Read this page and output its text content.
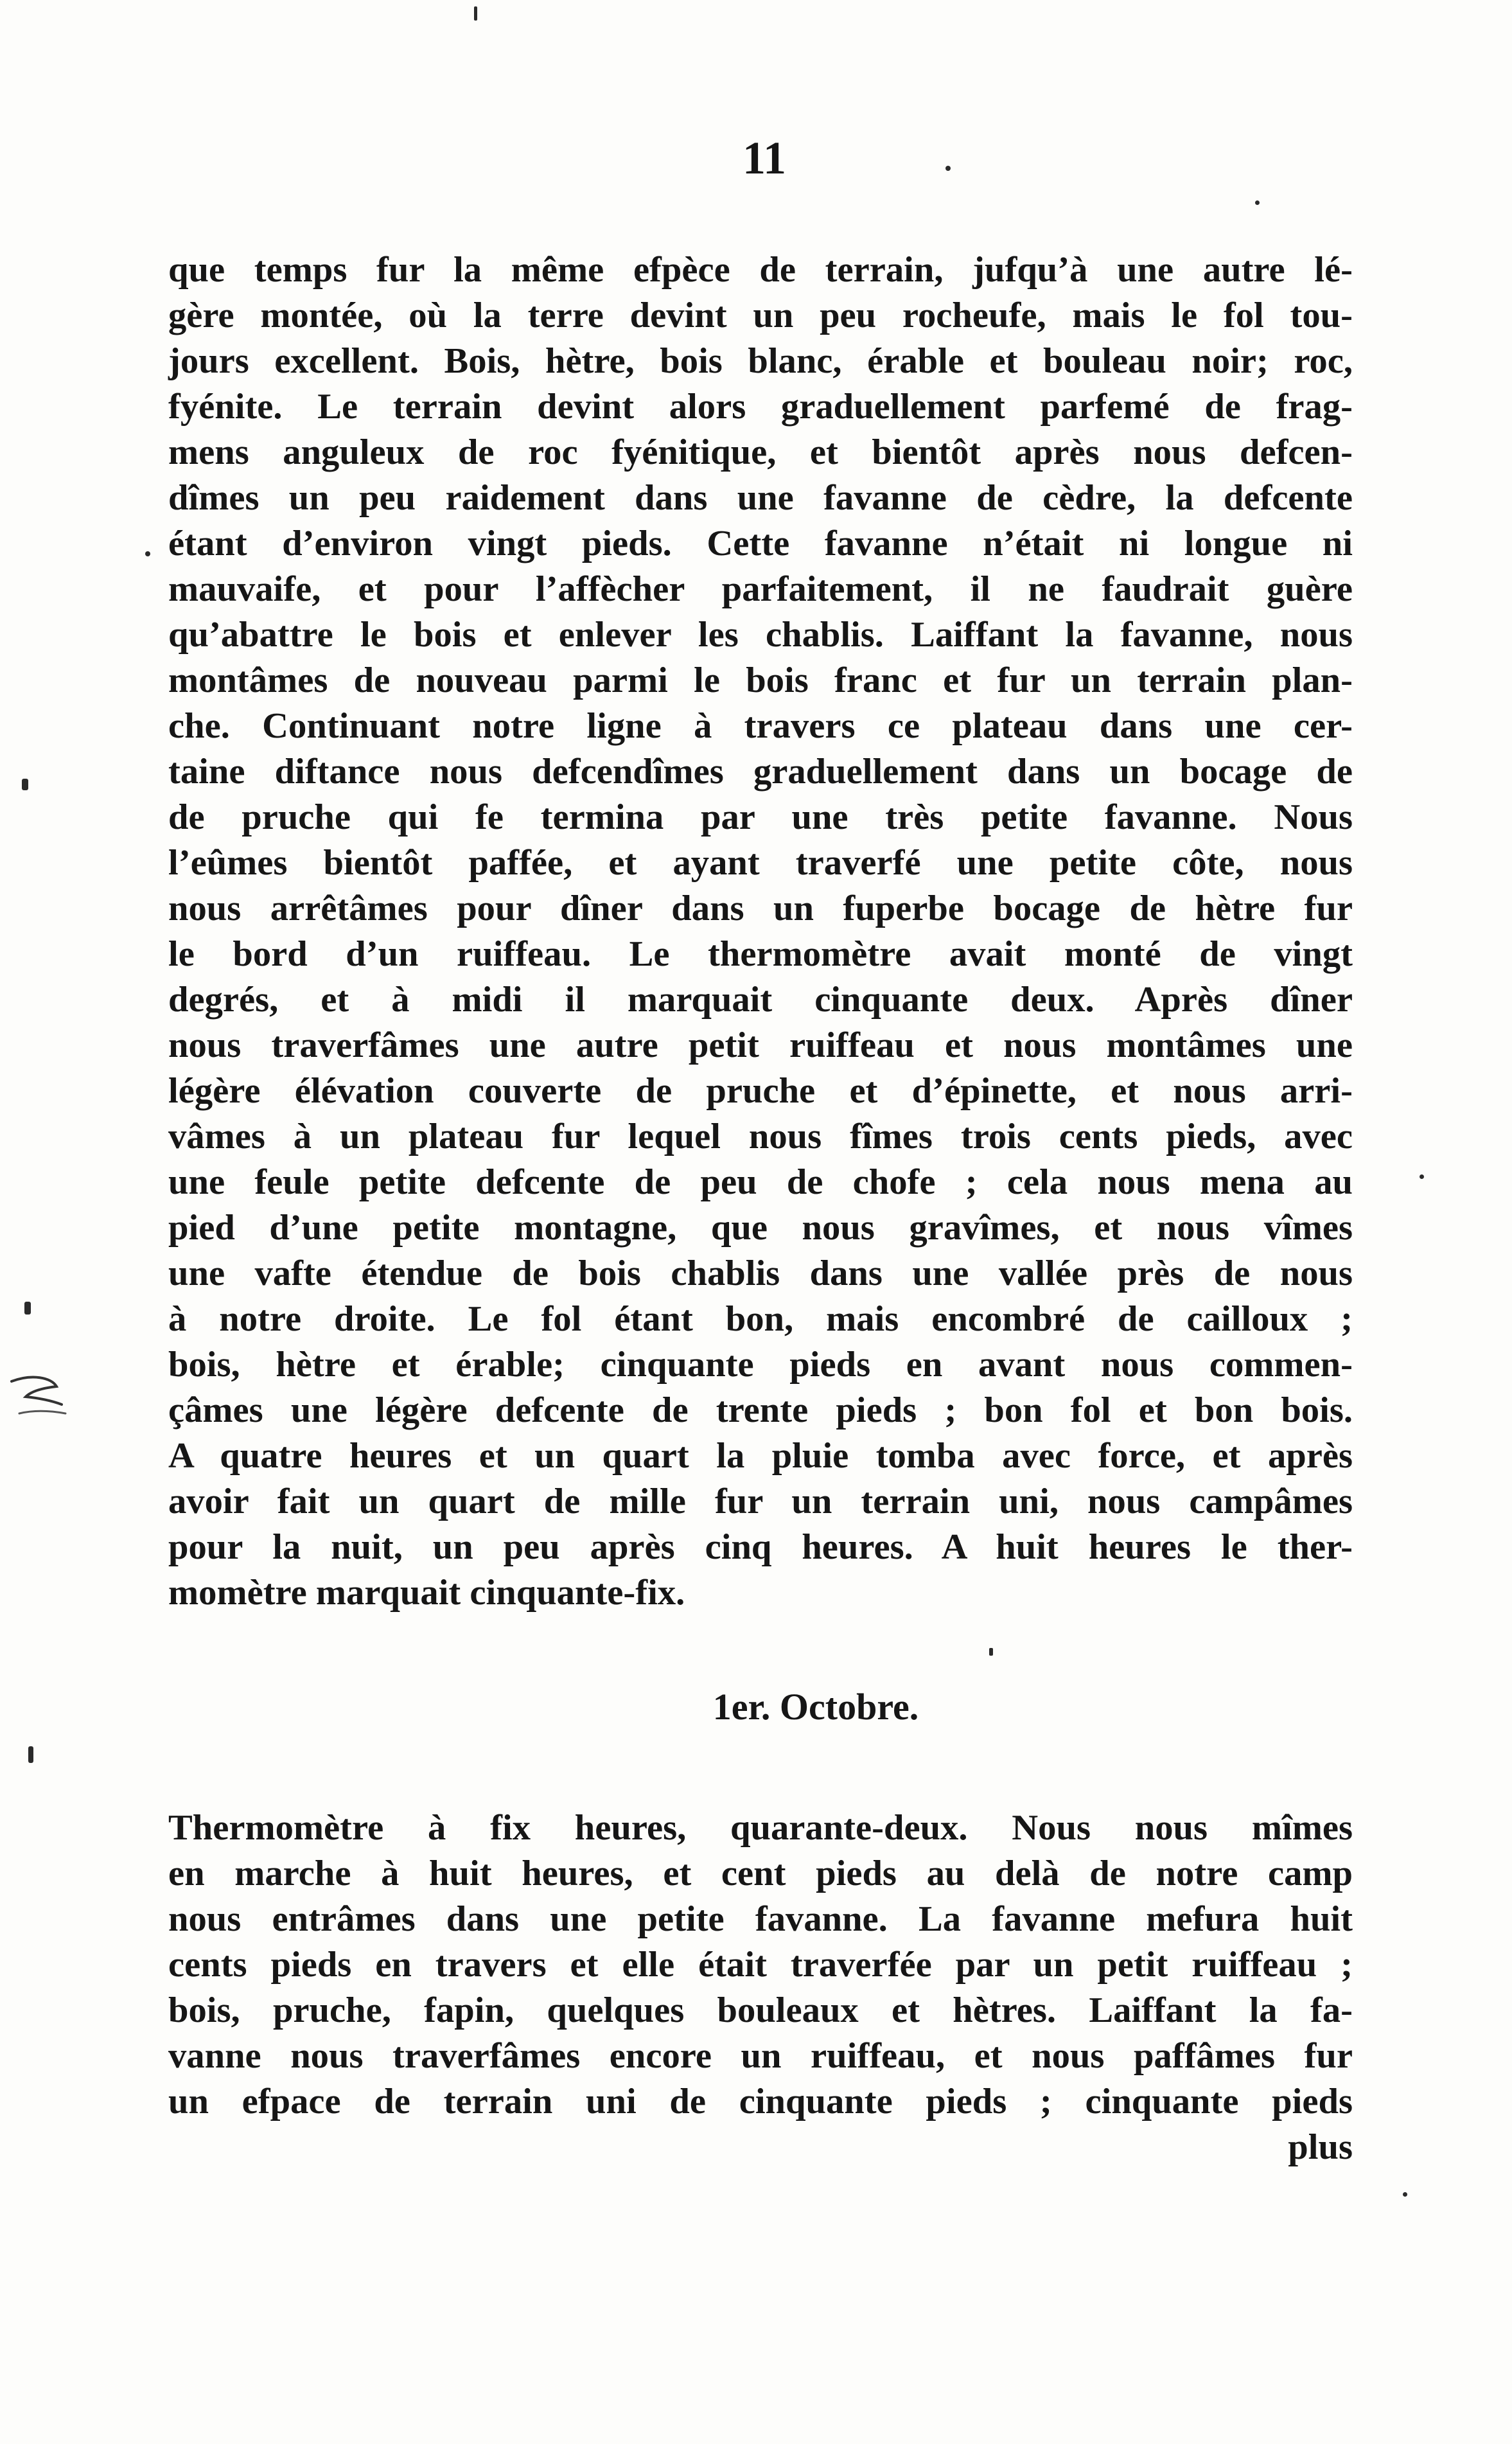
11
que temps fur la même efpèce de terrain, jufqu’à une autre lé-
gère montée, où la terre devint un peu rocheufe, mais le fol tou-
jours excellent. Bois, hètre, bois blanc, érable et bouleau noir; roc,
fyénite. Le terrain devint alors graduellement parfemé de frag-
mens anguleux de roc fyénitique, et bientôt après nous defcen-
dîmes un peu raidement dans une favanne de cèdre, la defcente
étant d’environ vingt pieds. Cette favanne n’était ni longue ni
mauvaife, et pour l’affècher parfaitement, il ne faudrait guère
qu’abattre le bois et enlever les chablis. Laiffant la favanne, nous
montâmes de nouveau parmi le bois franc et fur un terrain plan-
che. Continuant notre ligne à travers ce plateau dans une cer-
taine diftance nous defcendîmes graduellement dans un bocage de
de pruche qui fe termina par une très petite favanne. Nous
l’eûmes bientôt paffée, et ayant traverfé une petite côte, nous
nous arrêtâmes pour dîner dans un fuperbe bocage de hètre fur
le bord d’un ruiffeau. Le thermomètre avait monté de vingt
degrés, et à midi il marquait cinquante deux. Après dîner
nous traverfâmes une autre petit ruiffeau et nous montâmes une
légère élévation couverte de pruche et d’épinette, et nous arri-
vâmes à un plateau fur lequel nous fîmes trois cents pieds, avec
une feule petite defcente de peu de chofe ; cela nous mena au
pied d’une petite montagne, que nous gravîmes, et nous vîmes
une vafte étendue de bois chablis dans une vallée près de nous
à notre droite. Le fol étant bon, mais encombré de cailloux ;
bois, hètre et érable; cinquante pieds en avant nous commen-
çâmes une légère defcente de trente pieds ; bon fol et bon bois.
A quatre heures et un quart la pluie tomba avec force, et après
avoir fait un quart de mille fur un terrain uni, nous campâmes
pour la nuit, un peu après cinq heures. A huit heures le ther-
momètre marquait cinquante-fix.
1er. Octobre.
Thermomètre à fix heures, quarante-deux. Nous nous mîmes
en marche à huit heures, et cent pieds au delà de notre camp
nous entrâmes dans une petite favanne. La favanne mefura huit
cents pieds en travers et elle était traverfée par un petit ruiffeau ;
bois, pruche, fapin, quelques bouleaux et hètres. Laiffant la fa-
vanne nous traverfâmes encore un ruiffeau, et nous paffâmes fur
un efpace de terrain uni de cinquante pieds ; cinquante pieds
plus
